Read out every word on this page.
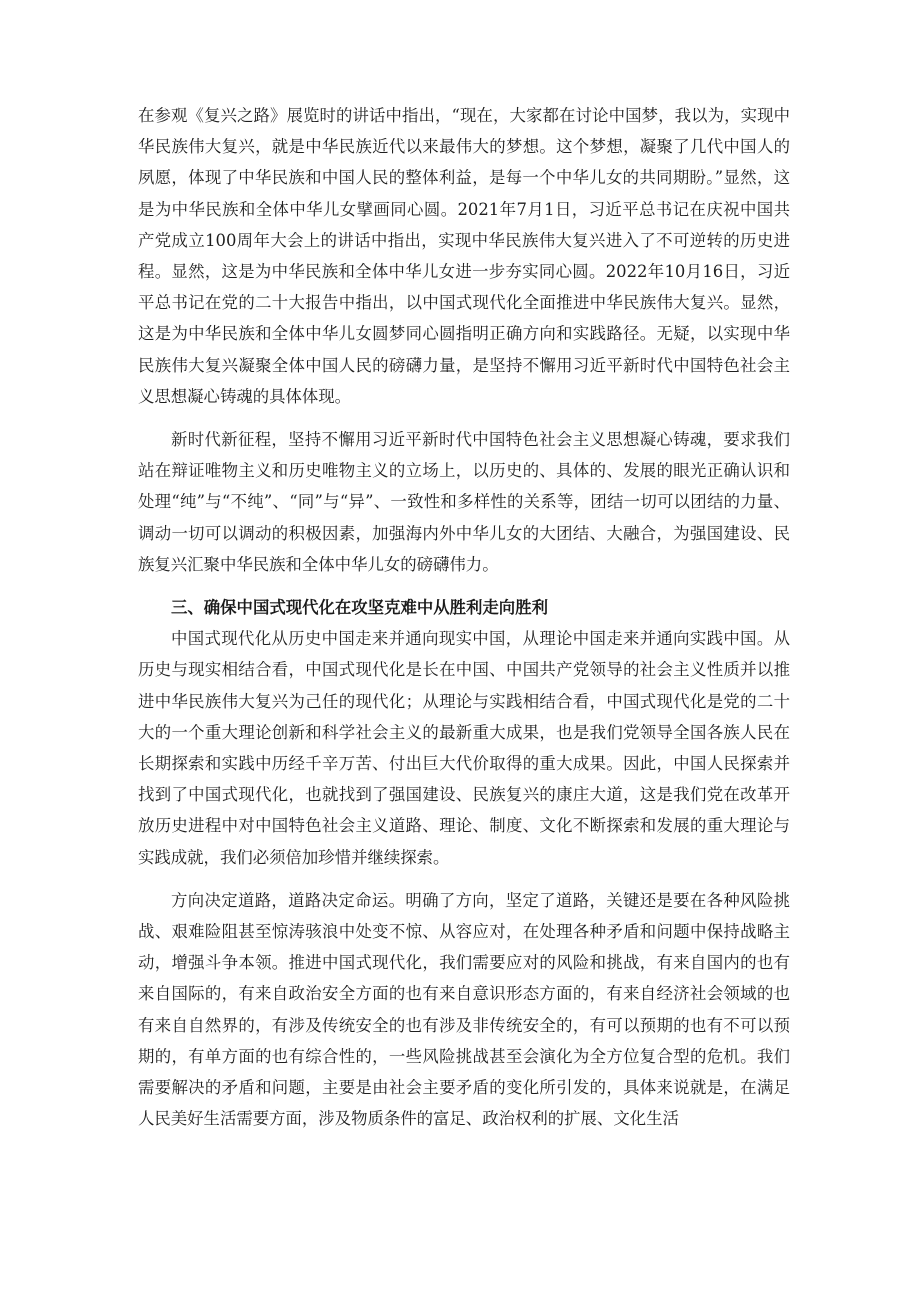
在参观《复兴之路》展览时的讲话中指出，“现在，大家都在讨论中国梦，我以为，实现中华民族伟大复兴，就是中华民族近代以来最伟大的梦想。这个梦想，凝聚了几代中国人的夙愿，体现了中华民族和中国人民的整体利益，是每一个中华儿女的共同期盼。”显然，这是为中华民族和全体中华儿女擘画同心圆。2021年7月1日，习近平总书记在庆祝中国共产党成立100周年大会上的讲话中指出，实现中华民族伟大复兴进入了不可逆转的历史进程。显然，这是为中华民族和全体中华儿女进一步夯实同心圆。2022年10月16日，习近平总书记在党的二十大报告中指出，以中国式现代化全面推进中华民族伟大复兴。显然，这是为中华民族和全体中华儿女圆梦同心圆指明正确方向和实践路径。无疑，以实现中华民族伟大复兴凝聚全体中国人民的磅礴力量，是坚持不懈用习近平新时代中国特色社会主义思想凝心铸魂的具体体现。

新时代新征程，坚持不懈用习近平新时代中国特色社会主义思想凝心铸魂，要求我们站在辩证唯物主义和历史唯物主义的立场上，以历史的、具体的、发展的眼光正确认识和处理“纯”与“不纯”、“同”与“异”、一致性和多样性的关系等，团结一切可以团结的力量、调动一切可以调动的积极因素，加强海内外中华儿女的大团结、大融合，为强国建设、民族复兴汇聚中华民族和全体中华儿女的磅礴伟力。

三、确保中国式现代化在攻坚克难中从胜利走向胜利

中国式现代化从历史中国走来并通向现实中国，从理论中国走来并通向实践中国。从历史与现实相结合看，中国式现代化是长在中国、中国共产党领导的社会主义性质并以推进中华民族伟大复兴为己任的现代化；从理论与实践相结合看，中国式现代化是党的二十大的一个重大理论创新和科学社会主义的最新重大成果，也是我们党领导全国各族人民在长期探索和实践中历经千辛万苦、付出巨大代价取得的重大成果。因此，中国人民探索并找到了中国式现代化，也就找到了强国建设、民族复兴的康庄大道，这是我们党在改革开放历史进程中对中国特色社会主义道路、理论、制度、文化不断探索和发展的重大理论与实践成就，我们必须倍加珍惜并继续探索。

方向决定道路，道路决定命运。明确了方向，坚定了道路，关键还是要在各种风险挑战、艰难险阻甚至惊涛骇浪中处变不惊、从容应对，在处理各种矛盾和问题中保持战略主动，增强斗争本领。推进中国式现代化，我们需要应对的风险和挑战，有来自国内的也有来自国际的，有来自政治安全方面的也有来自意识形态方面的，有来自经济社会领域的也有来自自然界的，有涉及传统安全的也有涉及非传统安全的，有可以预期的也有不可以预期的，有单方面的也有综合性的，一些风险挑战甚至会演化为全方位复合型的危机。我们需要解决的矛盾和问题，主要是由社会主要矛盾的变化所引发的，具体来说就是，在满足人民美好生活需要方面，涉及物质条件的富足、政治权利的扩展、文化生活
